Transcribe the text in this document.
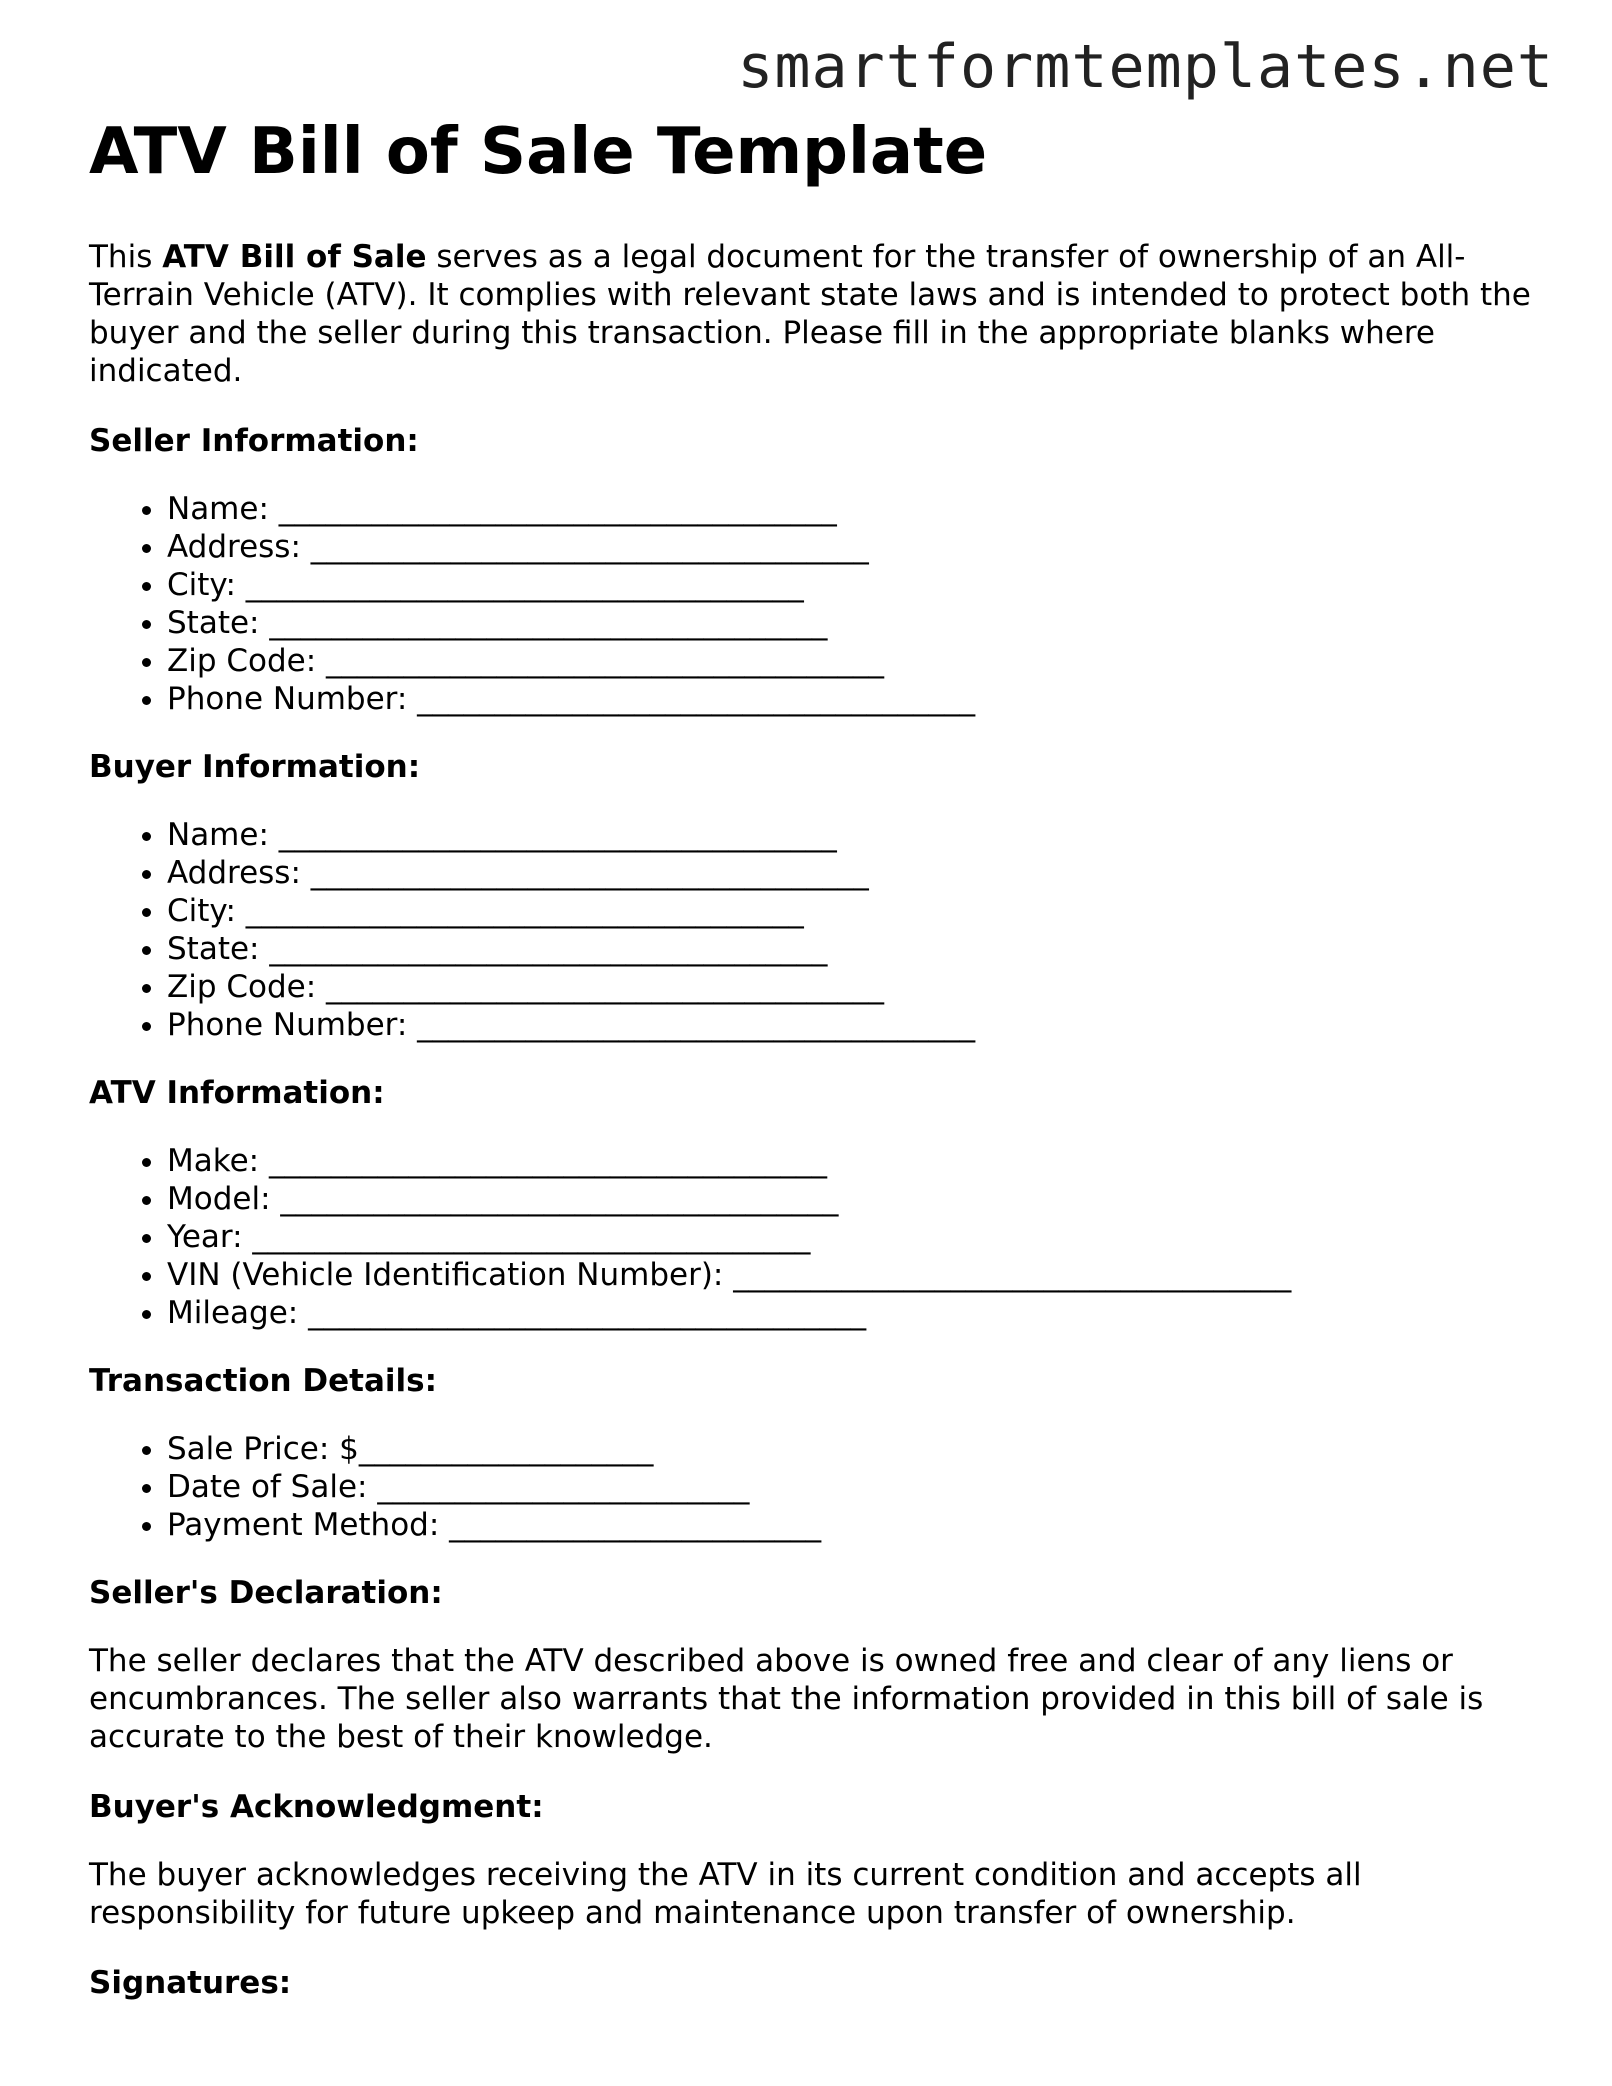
smartformtemplates.net

ATV Bill of Sale Template

This ATV Bill of Sale serves as a legal document for the transfer of ownership of an All-Terrain Vehicle (ATV). It complies with relevant state laws and is intended to protect both the buyer and the seller during this transaction. Please fill in the appropriate blanks where indicated.

Seller Information:
• Name: ____________________________________
• Address: ____________________________________
• City: ____________________________________
• State: ____________________________________
• Zip Code: ____________________________________
• Phone Number: ____________________________________
Buyer Information:
• Name: ____________________________________
• Address: ____________________________________
• City: ____________________________________
• State: ____________________________________
• Zip Code: ____________________________________
• Phone Number: ____________________________________
ATV Information:
• Make: ____________________________________
• Model: ____________________________________
• Year: ____________________________________
• VIN (Vehicle Identification Number): ____________________________________
• Mileage: ____________________________________
Transaction Details:
• Sale Price: $___________________
• Date of Sale: ________________________
• Payment Method: ________________________
Seller's Declaration:

The seller declares that the ATV described above is owned free and clear of any liens or encumbrances. The seller also warrants that the information provided in this bill of sale is accurate to the best of their knowledge.

Buyer's Acknowledgment:

The buyer acknowledges receiving the ATV in its current condition and accepts all responsibility for future upkeep and maintenance upon transfer of ownership.

Signatures:
